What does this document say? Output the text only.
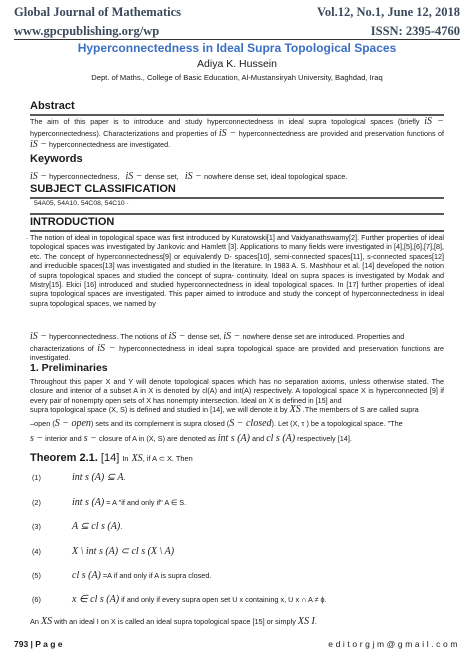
Global Journal of Mathematics	Vol.12, No.1, June 12, 2018
www.gpcpublishing.org/wp	ISSN: 2395-4760
Hyperconnectedness in Ideal Supra Topological Spaces
Adiya K. Hussein
Dept. of Maths., College of Basic Education, Al-Mustansiryah University, Baghdad, Iraq
Abstract
The aim of this paper is to introduce and study hyperconnectedness in ideal supra topological spaces (briefly iS − hyperconnectedness). Characterizations and properties of iS − hyperconnectedness are provided and preservation functions of iS − hyperconnectedness are investigated.
Keywords
iS − hyperconnectedness, iS − dense set, iS − nowhere dense set, ideal topological space.
SUBJECT CLASSIFICATION
54A05, 54A10, 54C08, 54C10 ·
INTRODUCTION
. The notion of ideal in topological space was first introduced by Kuratowski[1] and Vaidyanathswamy[2]. Further properties of ideal topological spaces was investigated by Jankovic and Hamlett [3]. Applications to many fields were investigated in [4],[5],[6],[7],[8], etc. The concept of hyperconnectedness[9] or equivalently D- spaces[10], semi-connected spaces[11], s-connected spaces[12] and irreducible spaces[13] was investigated and studied in the literature. In 1983 A. S. Mashhour et al. [14] developed the notion of supra topological spaces and studied the concept of supra- continuity. Ideal on supra spaces is investigated by Modak and Mistry[15]. Ekici [16] introduced and studied hyperconnectedness in ideal topological spaces. In [17] further properties of ideal supra topological spaces are investigated. This paper aimed to introduce and study the concept of hyperconnectedness in ideal supra topological spaces, we named by
iS − hyperconnectedness. The notions of iS − dense set, iS − nowhere dense set are introduced. Properties and
characterizations of iS − hyperconnectedness in ideal supra topological space are provided and preservation functions are investigated.
1. Preliminaries
Throughout this paper X and Y will denote topological spaces which has no separation axioms, unless otherwise stated. The closure and interior of a subset A in X is denoted by cl(A) and int(A) respectively. A topological space X is hyperconnected [9] if every pair of nonempty open sets of X has nonempty intersection. Ideal on X is defined in [15] and
supra topological space (X, S) is defined and studied in [14], we will denote it by XS .The members of S are called supra
–open (S − open) sets and its complement is supra closed (S − closed). Let (X, τ ) be a topological space. "The
s − interior and s − closure of A in (X, S) are denoted as int s (A) and cl s (A) respectively [14].
Theorem 2.1. [14] In XS, if A ⊂ X. Then
(1)	int s (A) ⊆ A.
(2)	int s (A) = A "if and only if" A ∈ S.
(3)	A ⊆ cl s (A).
(4)	X \ int s (A) ⊂ cl s (X \ A)
(5)	cl s (A) =A if and only if A is supra closed.
(6)	x ∈ cl s (A) if and only if every supra open set U x containing x, U x ∩ A ≠ ϕ.
An XS with an ideal I on X is called an ideal supra topological space [15] or simply XS I.
793 | P a g e	editorgjm@gmail.com
